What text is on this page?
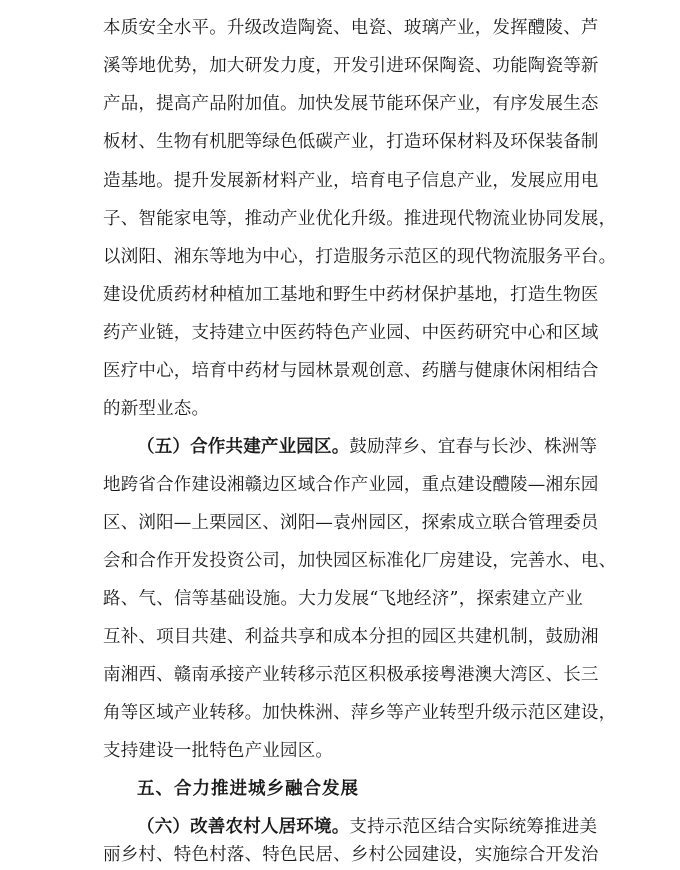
本质安全水平。升级改造陶瓷、电瓷、玻璃产业，发挥醴陵、芦
溪等地优势，加大研发力度，开发引进环保陶瓷、功能陶瓷等新
产品，提高产品附加值。加快发展节能环保产业，有序发展生态
板材、生物有机肥等绿色低碳产业，打造环保材料及环保装备制
造基地。提升发展新材料产业，培育电子信息产业，发展应用电
子、智能家电等，推动产业优化升级。推进现代物流业协同发展，
以浏阳、湘东等地为中心，打造服务示范区的现代物流服务平台。
建设优质药材种植加工基地和野生中药材保护基地，打造生物医
药产业链，支持建立中医药特色产业园、中医药研究中心和区域
医疗中心，培育中药材与园林景观创意、药膳与健康休闲相结合
的新型业态。
（五）合作共建产业园区。鼓励萍乡、宜春与长沙、株洲等
地跨省合作建设湘赣边区域合作产业园，重点建设醴陵—湘东园
区、浏阳—上栗园区、浏阳—袁州园区，探索成立联合管理委员
会和合作开发投资公司，加快园区标准化厂房建设，完善水、电、
路、气、信等基础设施。大力发展“飞地经济”，探索建立产业
互补、项目共建、利益共享和成本分担的园区共建机制，鼓励湘
南湘西、赣南承接产业转移示范区积极承接粤港澳大湾区、长三
角等区域产业转移。加快株洲、萍乡等产业转型升级示范区建设，
支持建设一批特色产业园区。
五、合力推进城乡融合发展
（六）改善农村人居环境。支持示范区结合实际统筹推进美
丽乡村、特色村落、特色民居、乡村公园建设，实施综合开发治
